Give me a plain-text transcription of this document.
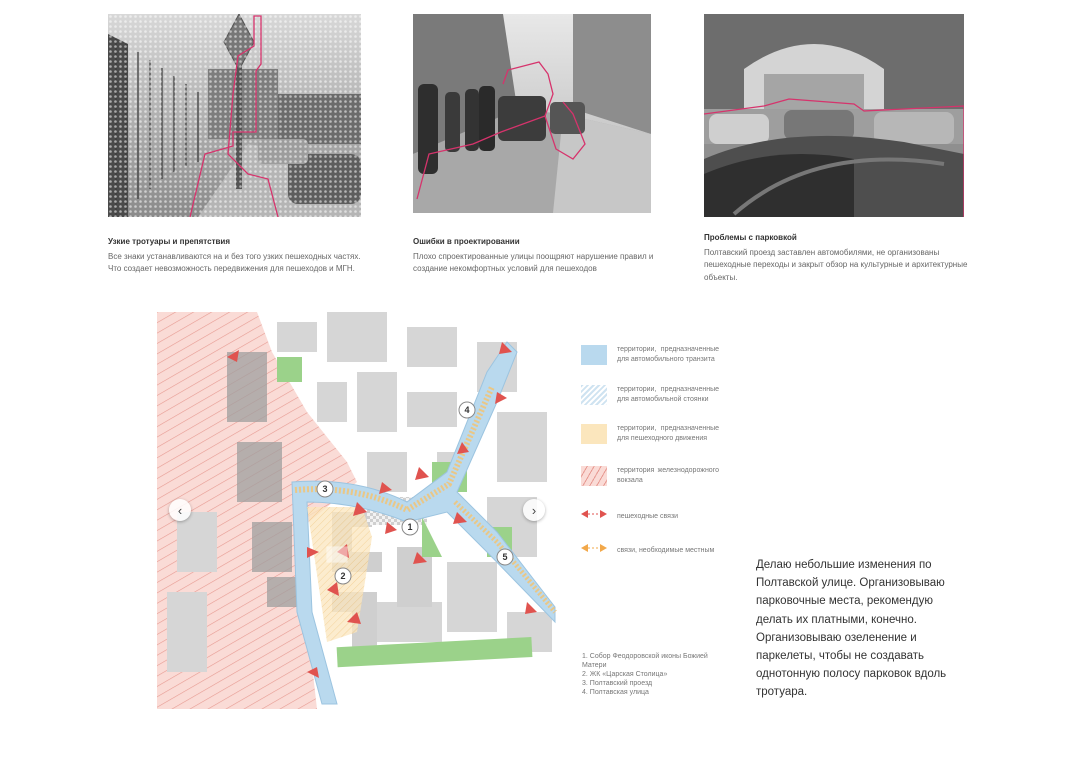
Узкие тротуары и препятствия
Все знаки устанавливаются на и без того узких пешеходных частях. Что создает невозможность передвижения для пешеходов и МГН.
Ошибки в проектировании
Плохо спроектированные улицы поощряют нарушение правил и создание некомфортных условий для пешеходов
Проблемы с парковкой
Полтавский проезд заставлен автомобилями, не организованы пешеходные переходы и закрыт обзор на культурные и архитектурные объекты.
1
2
3
4
5
‹	›
территории, предназначенные для автомобильного транзита
территории, предназначенные для автомобильной стоянки
территории, предназначенные для пешеходного движения
территория железнодорожного вокзала
пешеходные связи
связи, необходимые местным
1. Собор Феодоровской иконы Божией Матери
2. ЖК «Царская Столица»
3. Полтавский проезд
4. Полтавская улица
Делаю небольшие изменения по Полтавской улице. Организовываю парковочные места, рекомендую делать их платными, конечно. Организовываю озеленение и паркелеты, чтобы не создавать однотонную полосу парковок вдоль тротуара.
